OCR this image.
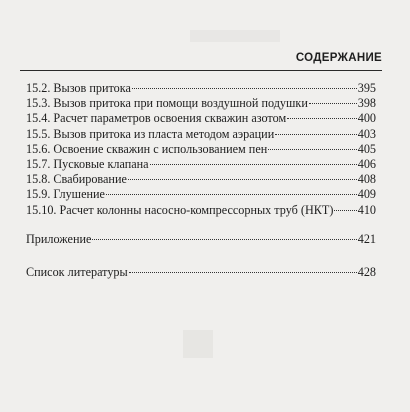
СОДЕРЖАНИЕ
15.2. Вызов притока	395
15.3. Вызов притока при помощи воздушной подушки	398
15.4. Расчет параметров освоения скважин азотом	400
15.5. Вызов притока из пласта методом аэрации	403
15.6. Освоение скважин с использованием пен	405
15.7. Пусковые клапана	406
15.8. Свабирование	408
15.9. Глушение	409
15.10. Расчет колонны насосно-компрессорных труб (НКТ) 410
Приложение	421
Список литературы	428
